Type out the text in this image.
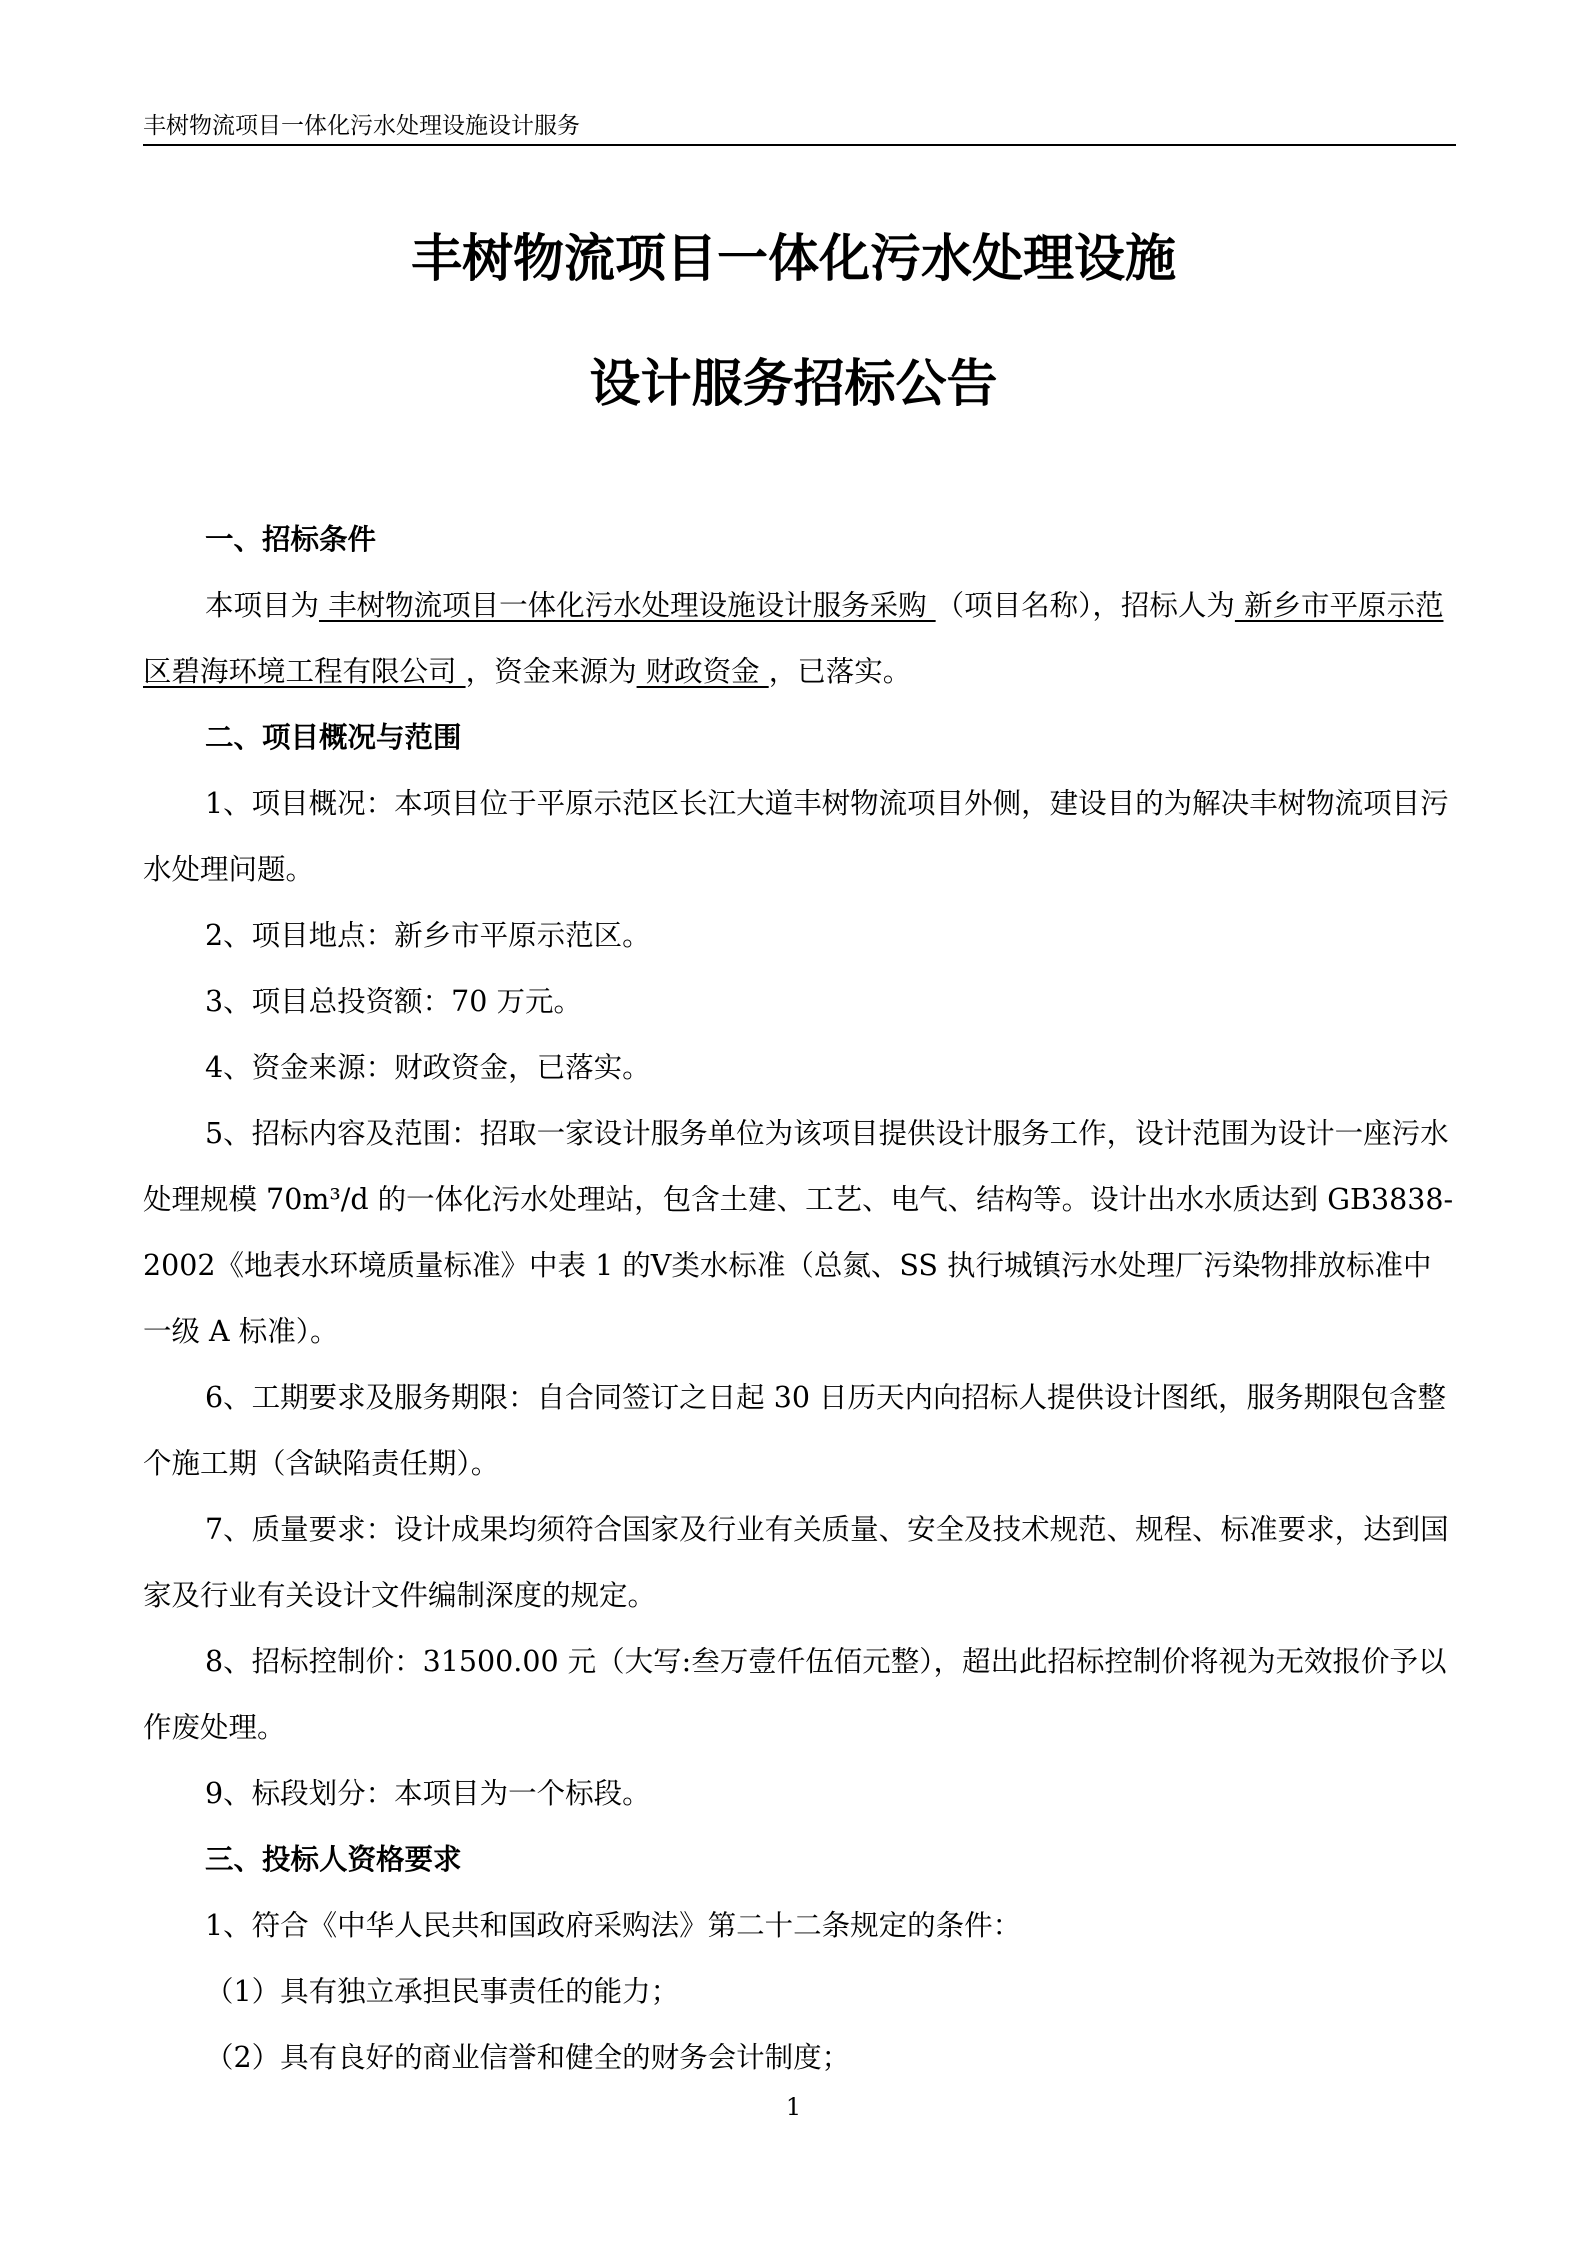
丰树物流项目一体化污水处理设施设计服务
丰树物流项目一体化污水处理设施
设计服务招标公告

一、招标条件

本项目为 丰树物流项目一体化污水处理设施设计服务采购 （项目名称），招标人为 新乡市平原示范区碧海环境工程有限公司 ，资金来源为 财政资金 ，已落实。

二、项目概况与范围

1、项目概况：本项目位于平原示范区长江大道丰树物流项目外侧，建设目的为解决丰树物流项目污水处理问题。

2、项目地点：新乡市平原示范区。

3、项目总投资额：70 万元。

4、资金来源：财政资金，已落实。

5、招标内容及范围：招取一家设计服务单位为该项目提供设计服务工作，设计范围为设计一座污水处理规模 70m³/d 的一体化污水处理站，包含土建、工艺、电气、结构等。设计出水水质达到 GB3838-2002《地表水环境质量标准》中表 1 的Ⅴ类水标准（总氮、SS 执行城镇污水处理厂污染物排放标准中一级 A 标准）。

6、工期要求及服务期限：自合同签订之日起 30 日历天内向招标人提供设计图纸，服务期限包含整个施工期（含缺陷责任期）。

7、质量要求：设计成果均须符合国家及行业有关质量、安全及技术规范、规程、标准要求，达到国家及行业有关设计文件编制深度的规定。

8、招标控制价：31500.00 元（大写:叁万壹仟伍佰元整），超出此招标控制价将视为无效报价予以作废处理。

9、标段划分：本项目为一个标段。

三、投标人资格要求

1、符合《中华人民共和国政府采购法》第二十二条规定的条件：

（1）具有独立承担民事责任的能力；

（2）具有良好的商业信誉和健全的财务会计制度；

1
